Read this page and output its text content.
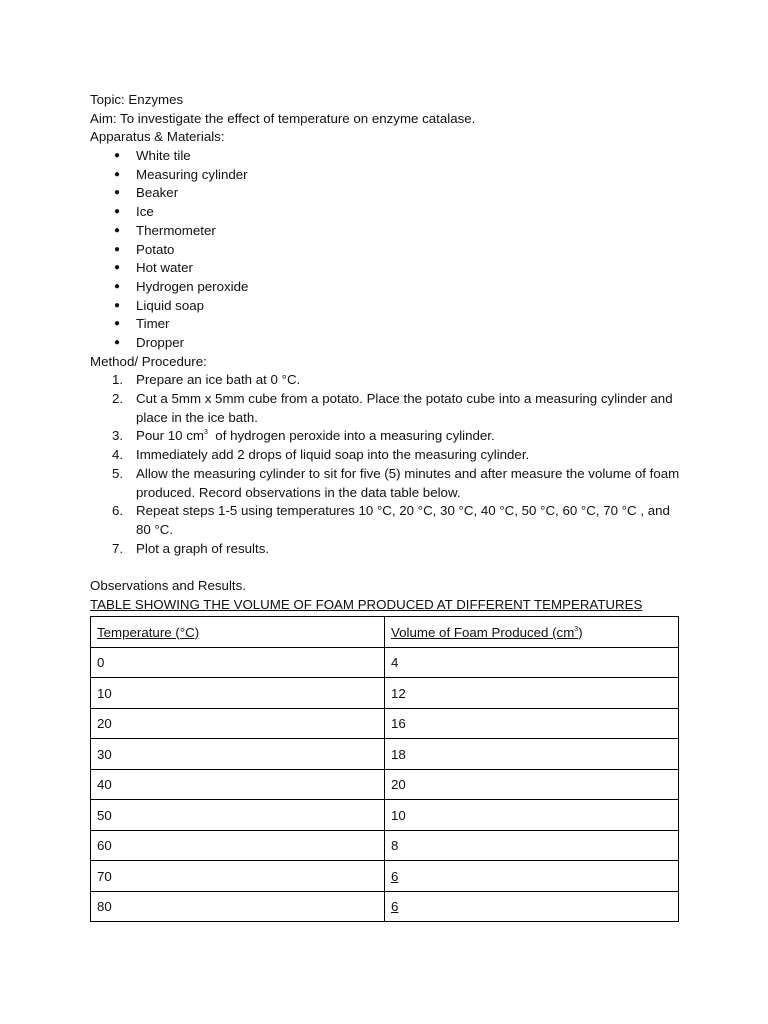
Topic: Enzymes
Aim: To investigate the effect of temperature on enzyme catalase.
Apparatus & Materials:
● White tile
● Measuring cylinder
● Beaker
● Ice
● Thermometer
● Potato
● Hot water
● Hydrogen peroxide
● Liquid soap
● Timer
● Dropper
Method/ Procedure:
1. Prepare an ice bath at 0 °C.
2. Cut a 5mm x 5mm cube from a potato. Place the potato cube into a measuring cylinder and place in the ice bath.
3. Pour 10 $cm^3$  of hydrogen peroxide into a measuring cylinder.
4. Immediately add 2 drops of liquid soap into the measuring cylinder.
5. Allow the measuring cylinder to sit for five (5) minutes and after measure the volume of foam produced. Record observations in the data table below.
6. Repeat steps 1-5 using temperatures 10 °C, 20 °C, 30 °C, 40 °C, 50 °C, 60 °C, 70 °C , and 80 °C.
7. Plot a graph of results.
Observations and Results.
TABLE SHOWING THE VOLUME OF FOAM PRODUCED AT DIFFERENT TEMPERATURES
Temperature (°C)	Volume of Foam Produced $(cm^3)$
0	4
10	12
20	16
30	18
40	20
50	10
60	8
70	6
80	6
